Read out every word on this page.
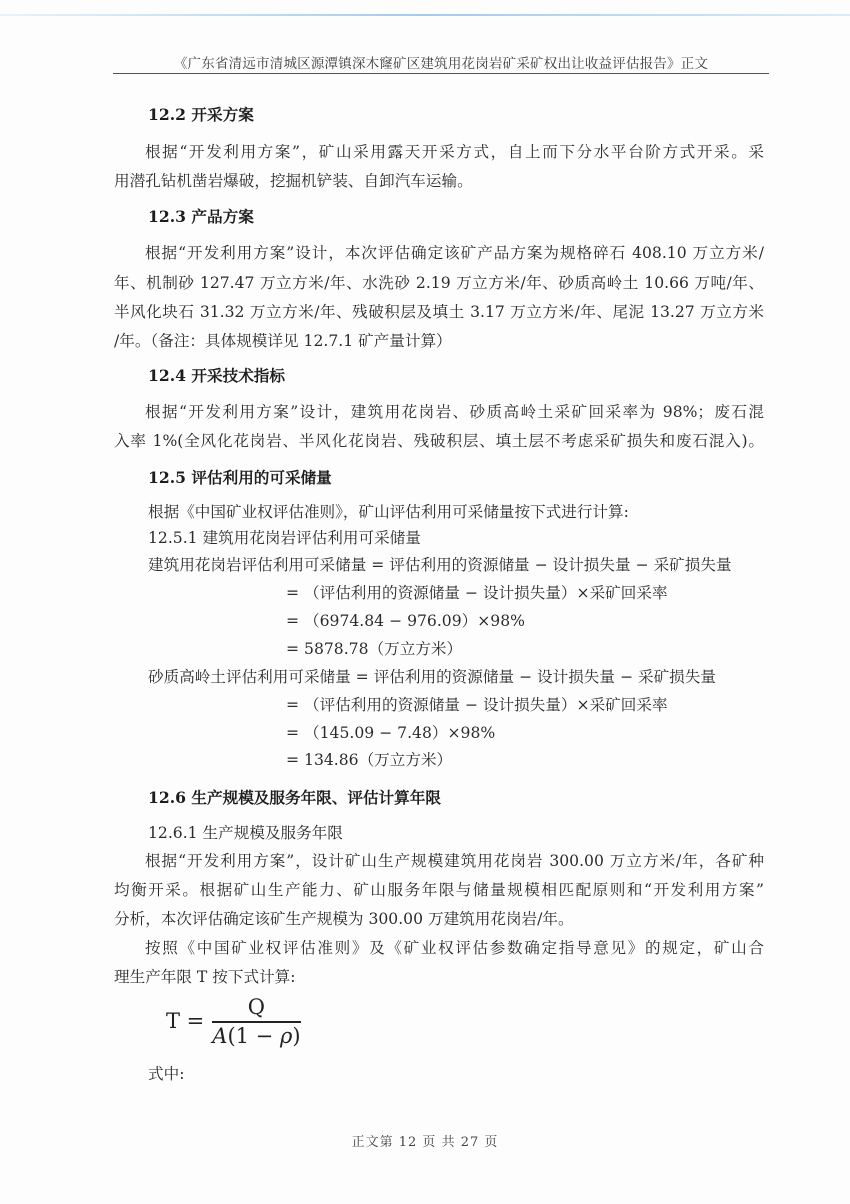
《广东省清远市清城区源潭镇深木窿矿区建筑用花岗岩矿采矿权出让收益评估报告》正文
12.2 开采方案
根据“开发利用方案”，矿山采用露天开采方式，自上而下分水平台阶方式开采。采
用潜孔钻机凿岩爆破，挖掘机铲装、自卸汽车运输。
12.3 产品方案
根据“开发利用方案”设计，本次评估确定该矿产品方案为规格碎石 408.10 万立方米/
年、机制砂 127.47 万立方米/年、水洗砂 2.19 万立方米/年、砂质高岭土 10.66 万吨/年、
半风化块石 31.32 万立方米/年、残破积层及填土 3.17 万立方米/年、尾泥 13.27 万立方米
/年。（备注：具体规模详见 12.7.1 矿产量计算）
12.4 开采技术指标
根据“开发利用方案”设计，建筑用花岗岩、砂质高岭土采矿回采率为 98%；废石混
入率 1%(全风化花岗岩、半风化花岗岩、残破积层、填土层不考虑采矿损失和废石混入)。
12.5 评估利用的可采储量
根据《中国矿业权评估准则》，矿山评估利用可采储量按下式进行计算:
12.5.1 建筑用花岗岩评估利用可采储量
建筑用花岗岩评估利用可采储量 = 评估利用的资源储量 − 设计损失量 − 采矿损失量
= （评估利用的资源储量 − 设计损失量）×采矿回采率
= （6974.84 − 976.09）×98%
= 5878.78（万立方米）
砂质高岭土评估利用可采储量 = 评估利用的资源储量 − 设计损失量 − 采矿损失量
= （评估利用的资源储量 − 设计损失量）×采矿回采率
= （145.09 − 7.48）×98%
= 134.86（万立方米）
12.6 生产规模及服务年限、评估计算年限
12.6.1 生产规模及服务年限
根据“开发利用方案”，设计矿山生产规模建筑用花岗岩 300.00 万立方米/年，各矿种
均衡开采。根据矿山生产能力、矿山服务年限与储量规模相匹配原则和“开发利用方案”
分析，本次评估确定该矿生产规模为 300.00 万建筑用花岗岩/年。
按照《中国矿业权评估准则》及《矿业权评估参数确定指导意见》的规定，矿山合
理生产年限 T 按下式计算:
式中:
$T = \frac{Q}{A(1 - \rho)}$
正文第 12 页 共 27 页
